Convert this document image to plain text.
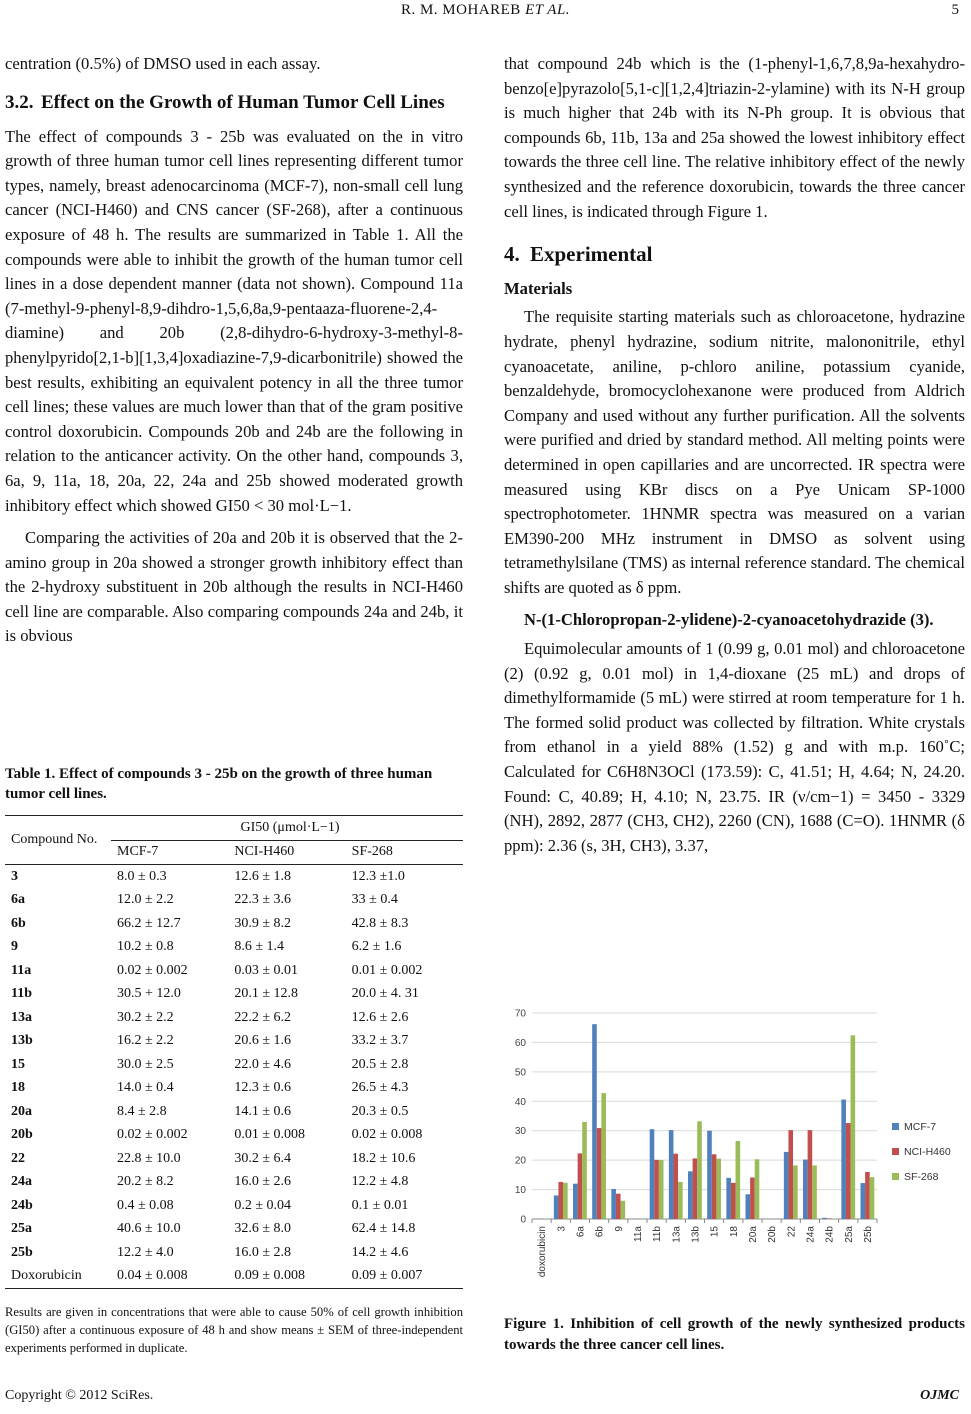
R. M. MOHAREB ET AL.	5

centration (0.5%) of DMSO used in each assay.

3.2. Effect on the Growth of Human Tumor Cell Lines

The effect of compounds 3 - 25b was evaluated on the in vitro growth of three human tumor cell lines representing different tumor types, namely, breast adenocarcinoma (MCF-7), non-small cell lung cancer (NCI-H460) and CNS cancer (SF-268), after a continuous exposure of 48 h. The results are summarized in Table 1. All the compounds were able to inhibit the growth of the human tumor cell lines in a dose dependent manner (data not shown). Compound 11a (7-methyl-9-phenyl-8,9-dihdro-1,5,6,8a,9-pentaaza-fluorene-2,4-diamine) and 20b (2,8-dihydro-6-hydroxy-3-methyl-8-phenylpyrido[2,1-b][1,3,4]oxadiazine-7,9-dicarbonitrile) showed the best results, exhibiting an equivalent potency in all the three tumor cell lines; these values are much lower than that of the gram positive control doxorubicin. Compounds 20b and 24b are the following in relation to the anticancer activity. On the other hand, compounds 3, 6a, 9, 11a, 18, 20a, 22, 24a and 25b showed moderated growth inhibitory effect which showed GI50 < 30 mol·L−1.

Comparing the activities of 20a and 20b it is observed that the 2-amino group in 20a showed a stronger growth inhibitory effect than the 2-hydroxy substituent in 20b although the results in NCI-H460 cell line are comparable. Also comparing compounds 24a and 24b, it is obvious

Table 1. Effect of compounds 3 - 25b on the growth of three human tumor cell lines.
Compound No.	GI50 (μmol·L−1)		
	MCF-7	NCI-H460	SF-268
3	8.0 ± 0.3	12.6 ± 1.8	12.3 ±1.0
6a	12.0 ± 2.2	22.3 ± 3.6	33 ± 0.4
6b	66.2 ± 12.7	30.9 ± 8.2	42.8 ± 8.3
9	10.2 ± 0.8	8.6 ± 1.4	6.2 ± 1.6
11a	0.02 ± 0.002	0.03 ± 0.01	0.01 ± 0.002
11b	30.5 + 12.0	20.1 ± 12.8	20.0 ± 4. 31
13a	30.2 ± 2.2	22.2 ± 6.2	12.6 ± 2.6
13b	16.2 ± 2.2	20.6 ± 1.6	33.2 ± 3.7
15	30.0 ± 2.5	22.0 ± 4.6	20.5 ± 2.8
18	14.0 ± 0.4	12.3 ± 0.6	26.5 ± 4.3
20a	8.4 ± 2.8	14.1 ± 0.6	20.3 ± 0.5
20b	0.02 ± 0.002	0.01 ± 0.008	0.02 ± 0.008
22	22.8 ± 10.0	30.2 ± 6.4	18.2 ± 10.6
24a	20.2 ± 8.2	16.0 ± 2.6	12.2 ± 4.8
24b	0.4 ± 0.08	0.2 ± 0.04	0.1 ± 0.01
25a	40.6 ± 10.0	32.6 ± 8.0	62.4 ± 14.8
25b	12.2 ± 4.0	16.0 ± 2.8	14.2 ± 4.6
Doxorubicin	0.04 ± 0.008	0.09 ± 0.008	0.09 ± 0.007
Results are given in concentrations that were able to cause 50% of cell growth inhibition (GI50) after a continuous exposure of 48 h and show means ± SEM of three-independent experiments performed in duplicate.

that compound 24b which is the (1-phenyl-1,6,7,8,9a-hexahydro-benzo[e]pyrazolo[5,1-c][1,2,4]triazin-2-ylamine) with its N-H group is much higher that 24b with its N-Ph group. It is obvious that compounds 6b, 11b, 13a and 25a showed the lowest inhibitory effect towards the three cell line. The relative inhibitory effect of the newly synthesized and the reference doxorubicin, towards the three cancer cell lines, is indicated through Figure 1.

4. Experimental
Materials

The requisite starting materials such as chloroacetone, hydrazine hydrate, phenyl hydrazine, sodium nitrite, malononitrile, ethyl cyanoacetate, aniline, p-chloro aniline, potassium cyanide, benzaldehyde, bromocyclohexanone were produced from Aldrich Company and used without any further purification. All the solvents were purified and dried by standard method. All melting points were determined in open capillaries and are uncorrected. IR spectra were measured using KBr discs on a Pye Unicam SP-1000 spectrophotometer. 1HNMR spectra was measured on a varian EM390-200 MHz instrument in DMSO as solvent using tetramethylsilane (TMS) as internal reference standard. The chemical shifts are quoted as δ ppm.

N-(1-Chloropropan-2-ylidene)-2-cyanoacetohydrazide (3).

Equimolecular amounts of 1 (0.99 g, 0.01 mol) and chloroacetone (2) (0.92 g, 0.01 mol) in 1,4-dioxane (25 mL) and drops of dimethylformamide (5 mL) were stirred at room temperature for 1 h. The formed solid product was collected by filtration. White crystals from ethanol in a yield 88% (1.52) g and with m.p. 160˚C; Calculated for C6H8N3OCl (173.59): C, 41.51; H, 4.64; N, 24.20. Found: C, 40.89; H, 4.10; N, 23.75. IR (ν/cm−1) = 3450 - 3329 (NH), 2892, 2877 (CH3, CH2), 2260 (CN), 1688 (C=O). 1HNMR (δ ppm): 2.36 (s, 3H, CH3), 3.37,

0
10
20
30
40
50
60
70
doxorubicin 3 6a 6b 9 11a 11b 13a 13b 15 18 20a 20b 22 24a 24b 25a 25b
MCF-7
NCI-H460
SF-268
Figure 1. Inhibition of cell growth of the newly synthesized products towards the three cancer cell lines.
Copyright © 2012 SciRes.	OJMC
